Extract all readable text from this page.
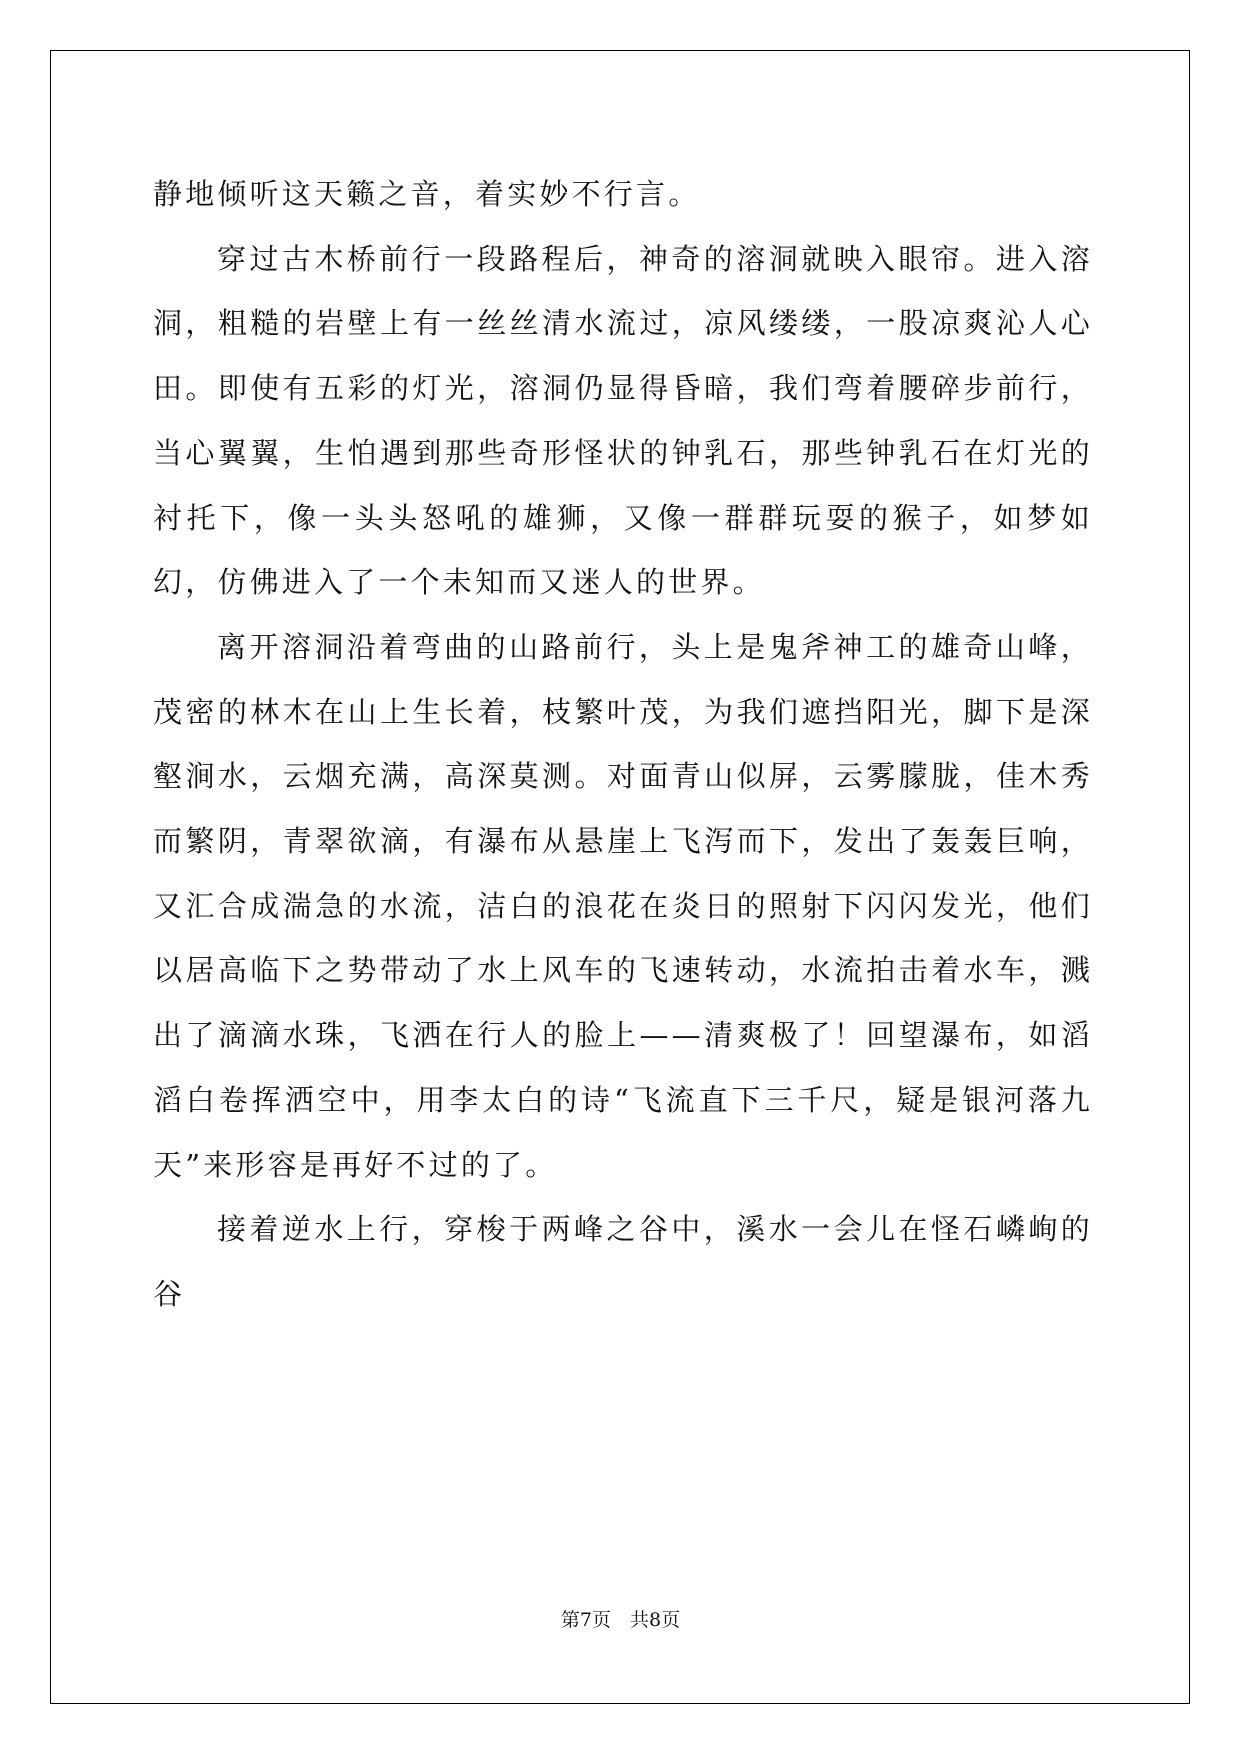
静地倾听这天籁之音，着实妙不行言。

穿过古木桥前行一段路程后，神奇的溶洞就映入眼帘。进入溶洞，粗糙的岩壁上有一丝丝清水流过，凉风缕缕，一股凉爽沁人心田。即使有五彩的灯光，溶洞仍显得昏暗，我们弯着腰碎步前行，当心翼翼，生怕遇到那些奇形怪状的钟乳石，那些钟乳石在灯光的衬托下，像一头头怒吼的雄狮，又像一群群玩耍的猴子，如梦如幻，仿佛进入了一个未知而又迷人的世界。

离开溶洞沿着弯曲的山路前行，头上是鬼斧神工的雄奇山峰，茂密的林木在山上生长着，枝繁叶茂，为我们遮挡阳光，脚下是深壑涧水，云烟充满，高深莫测。对面青山似屏，云雾朦胧，佳木秀而繁阴，青翠欲滴，有瀑布从悬崖上飞泻而下，发出了轰轰巨响，又汇合成湍急的水流，洁白的浪花在炎日的照射下闪闪发光，他们以居高临下之势带动了水上风车的飞速转动，水流拍击着水车，溅出了滴滴水珠，飞洒在行人的脸上——清爽极了！回望瀑布，如滔滔白卷挥洒空中，用李太白的诗“飞流直下三千尺，疑是银河落九天”来形容是再好不过的了。

接着逆水上行，穿梭于两峰之谷中，溪水一会儿在怪石嶙峋的谷

第7页　共8页
